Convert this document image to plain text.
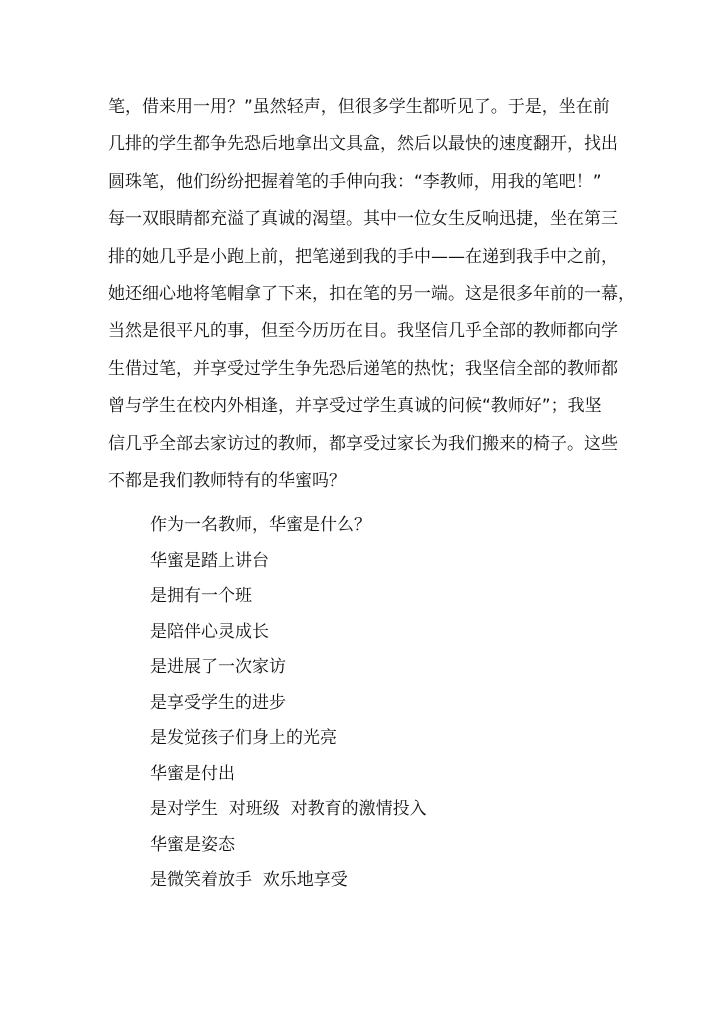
笔，借来用一用？”虽然轻声，但很多学生都听见了。于是，坐在前
几排的学生都争先恐后地拿出文具盒，然后以最快的速度翻开，找出
圆珠笔，他们纷纷把握着笔的手伸向我：“李教师，用我的笔吧！”
每一双眼睛都充溢了真诚的渴望。其中一位女生反响迅捷，坐在第三
排的她几乎是小跑上前，把笔递到我的手中——在递到我手中之前，
她还细心地将笔帽拿了下来，扣在笔的另一端。这是很多年前的一幕，
当然是很平凡的事，但至今历历在目。我坚信几乎全部的教师都向学
生借过笔，并享受过学生争先恐后递笔的热忱；我坚信全部的教师都
曾与学生在校内外相逢，并享受过学生真诚的问候“教师好”；我坚
信几乎全部去家访过的教师，都享受过家长为我们搬来的椅子。这些
不都是我们教师特有的华蜜吗？
作为一名教师，华蜜是什么？
华蜜是踏上讲台
是拥有一个班
是陪伴心灵成长
是进展了一次家访
是享受学生的进步
是发觉孩子们身上的光亮
华蜜是付出
是对学生  对班级  对教育的激情投入
华蜜是姿态
是微笑着放手  欢乐地享受
